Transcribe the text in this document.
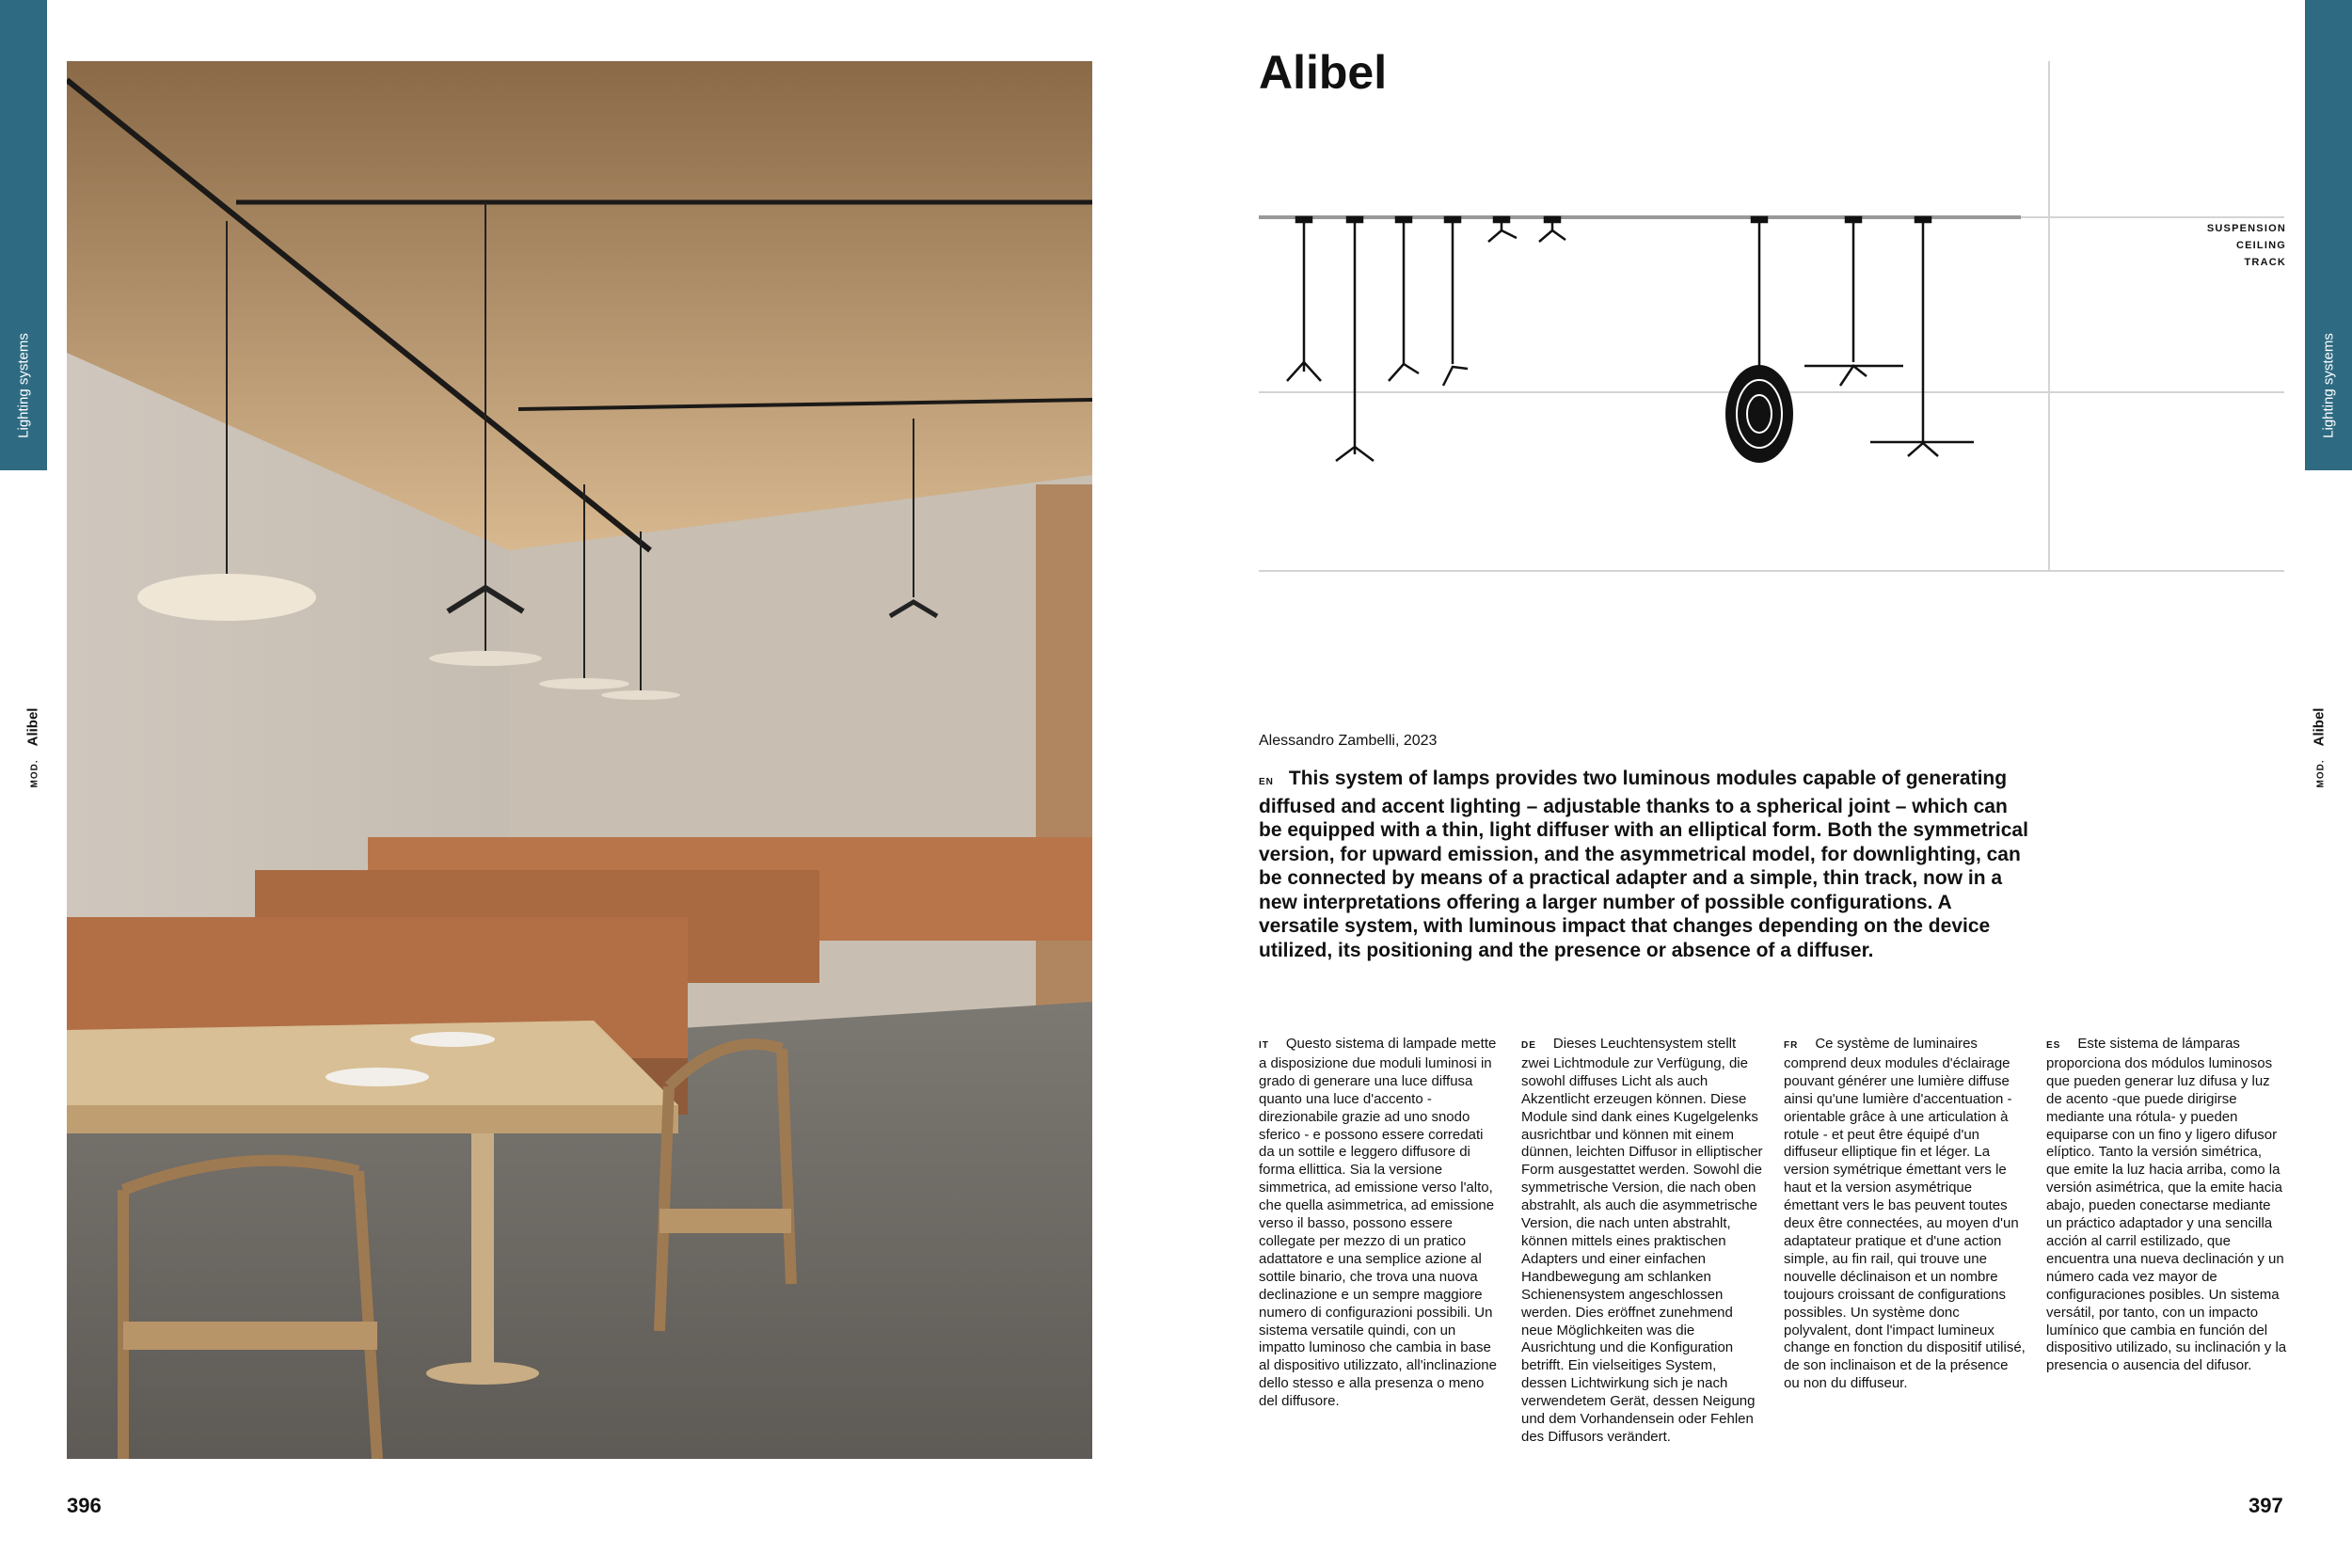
Lighting systems
MOD.Alibel
396
Alibel
SUSPENSION
CEILING
TRACK
Alessandro Zambelli, 2023
EN This system of lamps provides two luminous modules capable of generating diffused and accent lighting – adjustable thanks to a spherical joint – which can be equipped with a thin, light diffuser with an elliptical form. Both the symmetrical version, for upward emission, and the asymmetrical model, for downlighting, can be connected by means of a practical adapter and a simple, thin track, now in a new interpretations offering a larger number of possible configurations. A versatile system, with luminous impact that changes depending on the device utilized, its positioning and the presence or absence of a diffuser.
IT Questo sistema di lampade mette a disposizione due moduli luminosi in grado di generare una luce diffusa quanto una luce d'accento - direzionabile grazie ad uno snodo sferico - e possono essere corredati da un sottile e leggero diffusore di forma ellittica. Sia la versione simmetrica, ad emissione verso l'alto, che quella asimmetrica, ad emissione verso il basso, possono essere collegate per mezzo di un pratico adattatore e una semplice azione al sottile binario, che trova una nuova declinazione e un sempre maggiore numero di configurazioni possibili. Un sistema versatile quindi, con un impatto luminoso che cambia in base al dispositivo utilizzato, all'inclinazione dello stesso e alla presenza o meno del diffusore.
DE Dieses Leuchtensystem stellt zwei Lichtmodule zur Verfügung, die sowohl diffuses Licht als auch Akzentlicht erzeugen können. Diese Module sind dank eines Kugelgelenks ausrichtbar und können mit einem dünnen, leichten Diffusor in elliptischer Form ausgestattet werden. Sowohl die symmetrische Version, die nach oben abstrahlt, als auch die asymmetrische Version, die nach unten abstrahlt, können mittels eines praktischen Adapters und einer einfachen Handbewegung am schlanken Schienensystem angeschlossen werden. Dies eröffnet zunehmend neue Möglichkeiten was die Ausrichtung und die Konfiguration betrifft. Ein vielseitiges System, dessen Lichtwirkung sich je nach verwendetem Gerät, dessen Neigung und dem Vorhandensein oder Fehlen des Diffusors verändert.
FR Ce système de luminaires comprend deux modules d'éclairage pouvant générer une lumière diffuse ainsi qu'une lumière d'accentuation - orientable grâce à une articulation à rotule - et peut être équipé d'un diffuseur elliptique fin et léger. La version symétrique émettant vers le haut et la version asymétrique émettant vers le bas peuvent toutes deux être connectées, au moyen d'un adaptateur pratique et d'une action simple, au fin rail, qui trouve une nouvelle déclinaison et un nombre toujours croissant de configurations possibles. Un système donc polyvalent, dont l'impact lumineux change en fonction du dispositif utilisé, de son inclinaison et de la présence ou non du diffuseur.
ES Este sistema de lámparas proporciona dos módulos luminosos que pueden generar luz difusa y luz de acento -que puede dirigirse mediante una rótula- y pueden equiparse con un fino y ligero difusor elíptico. Tanto la versión simétrica, que emite la luz hacia arriba, como la versión asimétrica, que la emite hacia abajo, pueden conectarse mediante un práctico adaptador y una sencilla acción al carril estilizado, que encuentra una nueva declinación y un número cada vez mayor de configuraciones posibles. Un sistema versátil, por tanto, con un impacto lumínico que cambia en función del dispositivo utilizado, su inclinación y la presencia o ausencia del difusor.
397
Lighting systems
MOD.Alibel
